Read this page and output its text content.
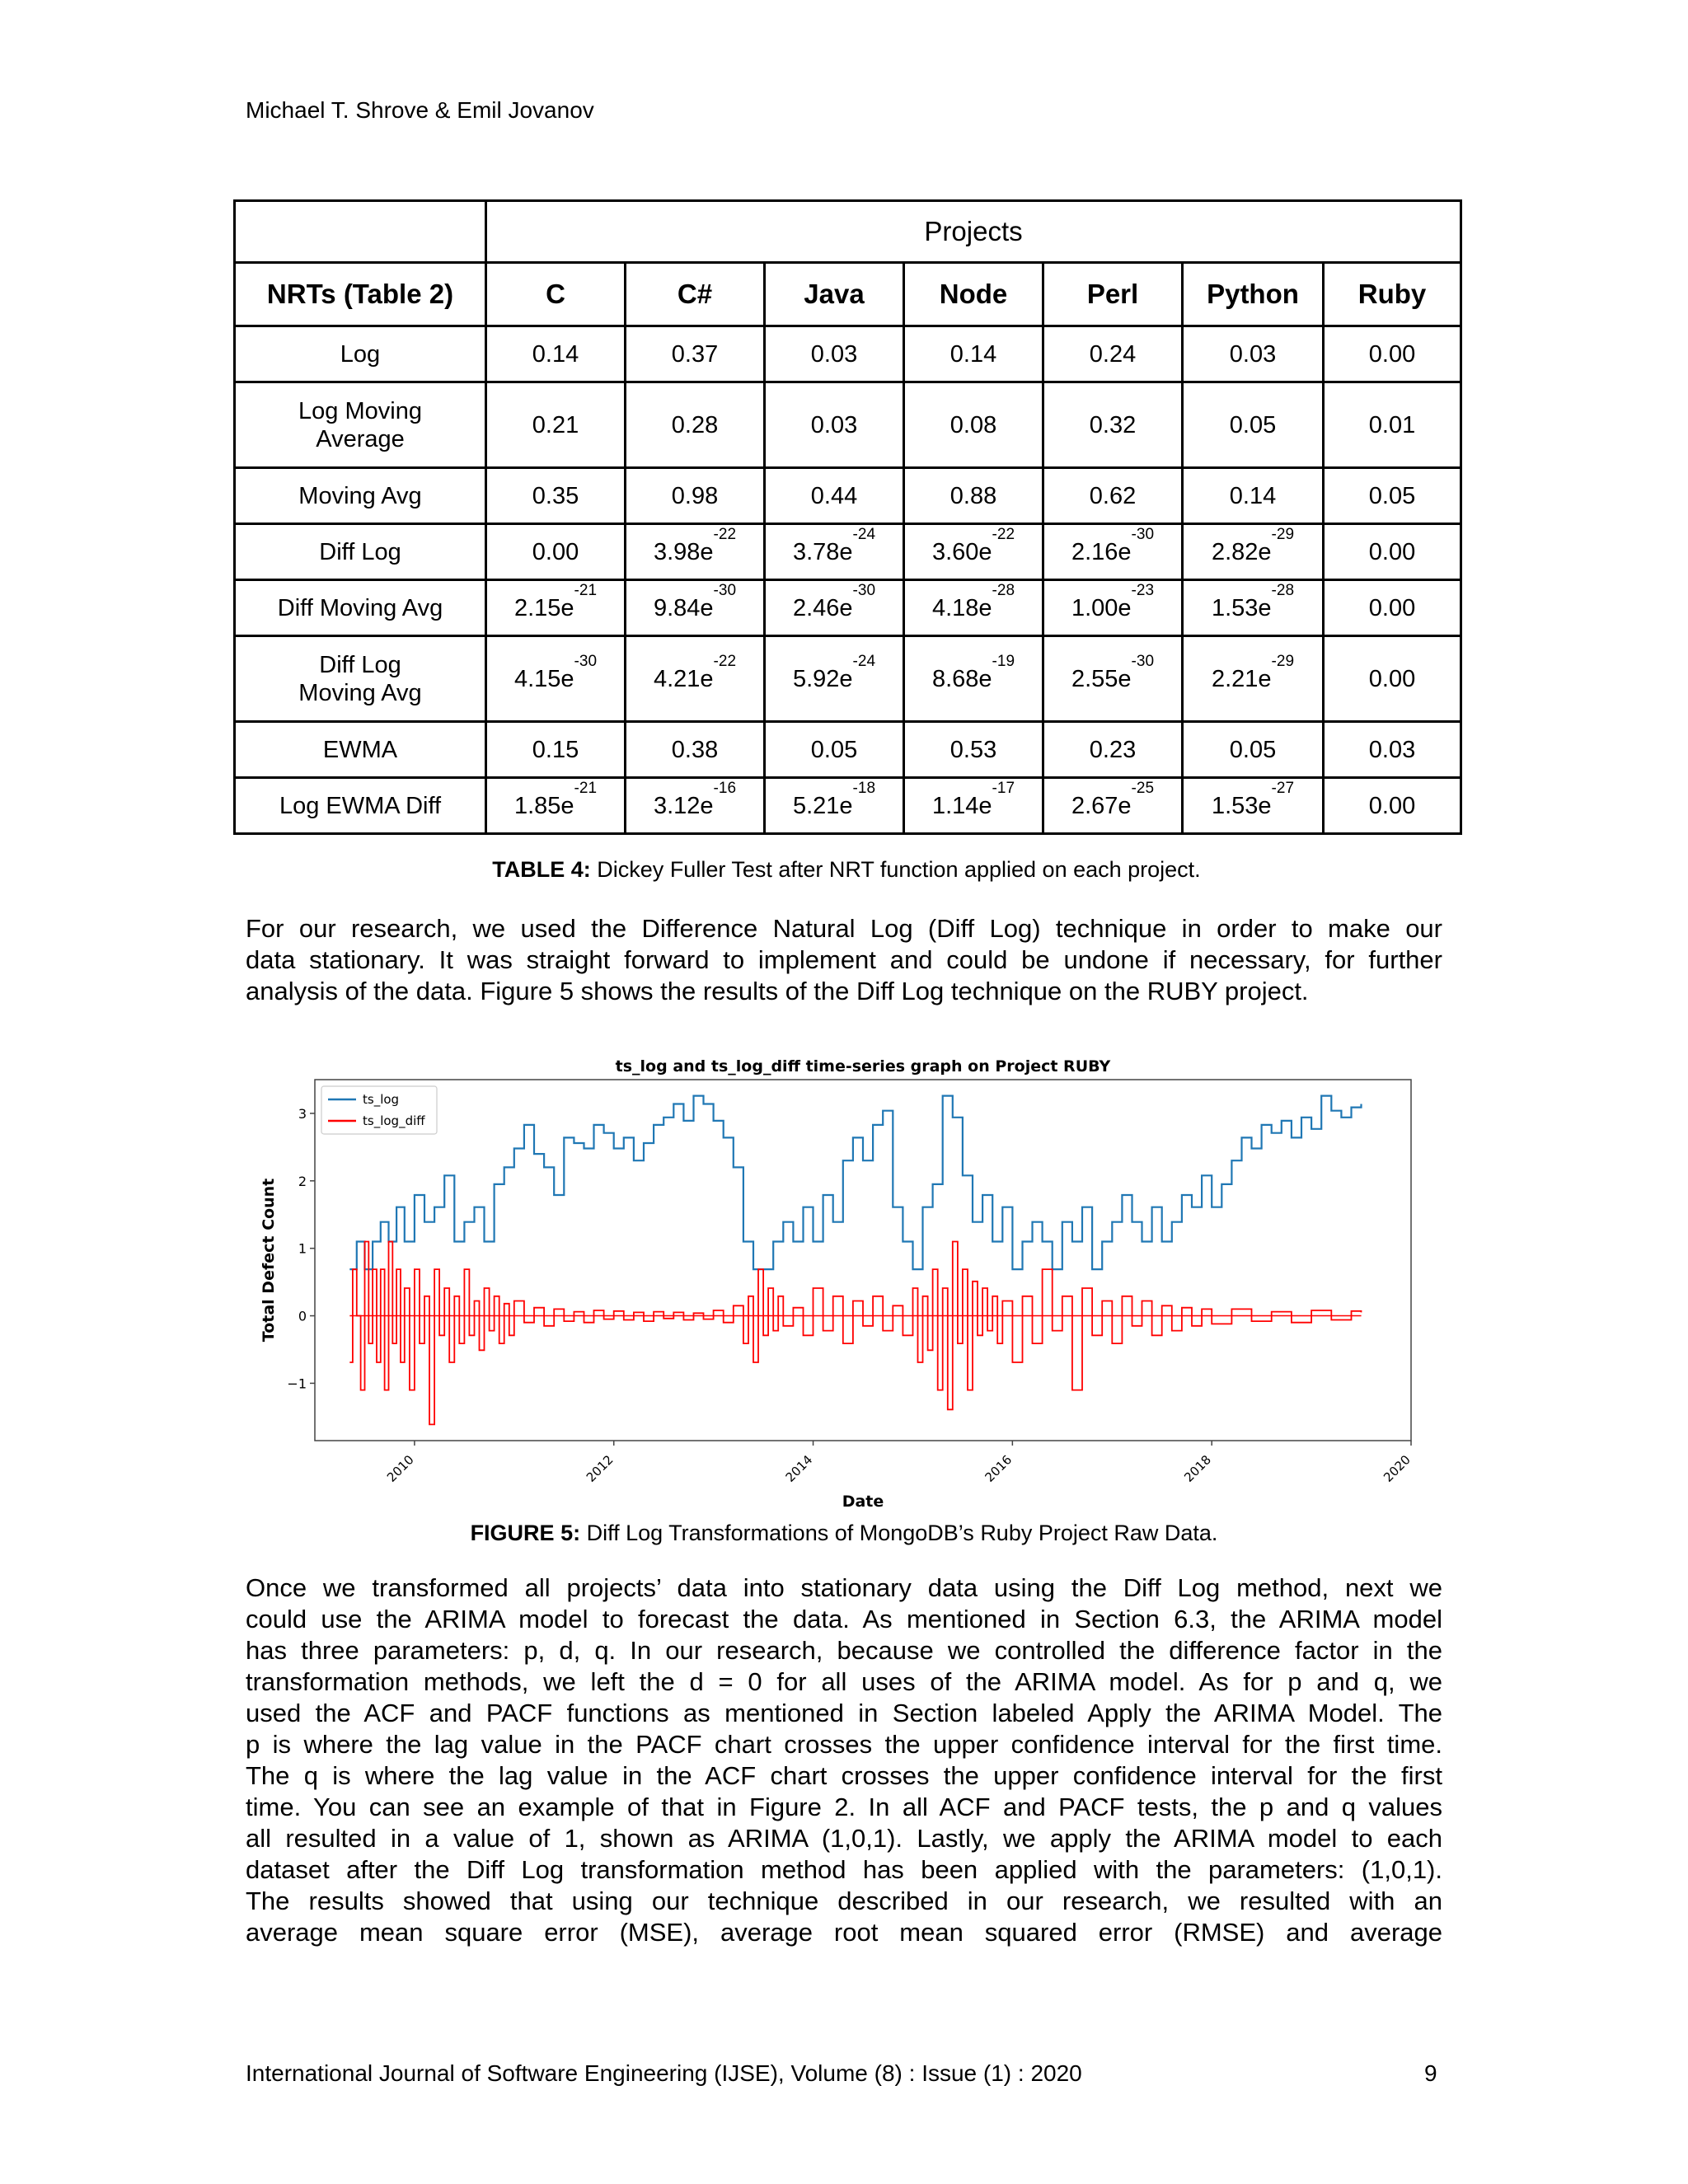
Michael T. Shrove & Emil Jovanov
	Projects						
NRTs (Table 2)	C	C#	Java	Node	Perl	Python	Ruby
Log	0.14	0.37	0.03	0.14	0.24	0.03	0.00
Log Moving
Average	0.21	0.28	0.03	0.08	0.32	0.05	0.01
Moving Avg	0.35	0.98	0.44	0.88	0.62	0.14	0.05
Diff Log	0.00	$3.98e^{-22}$	$3.78e^{-24}$	$3.60e^{-22}$	$2.16e^{-30}$	$2.82e^{-29}$	0.00
Diff Moving Avg	$2.15e^{-21}$	$9.84e^{-30}$	$2.46e^{-30}$	$4.18e^{-28}$	$1.00e^{-23}$	$1.53e^{-28}$	0.00
Diff Log
Moving Avg	$4.15e^{-30}$	$4.21e^{-22}$	$5.92e^{-24}$	$8.68e^{-19}$	$2.55e^{-30}$	$2.21e^{-29}$	0.00
EWMA	0.15	0.38	0.05	0.53	0.23	0.05	0.03
Log EWMA Diff	$1.85e^{-21}$	$3.12e^{-16}$	$5.21e^{-18}$	$1.14e^{-17}$	$2.67e^{-25}$	$1.53e^{-27}$	0.00
TABLE 4: Dickey Fuller Test after NRT function applied on each project.
For our research, we used the Difference Natural Log (Diff Log) technique in order to make our
data stationary. It was straight forward to implement and could be undone if necessary, for further
analysis of the data. Figure 5 shows the results of the Diff Log technique on the RUBY project.
ts_log and ts_log_diff time-series graph on Project RUBY
−1
0
1
2
3
2010	2012	2014	2016	2018	2020
Date
Total Defect Count
ts_log
ts_log_diff
FIGURE 5: Diff Log Transformations of MongoDB’s Ruby Project Raw Data.
Once we transformed all projects’ data into stationary data using the Diff Log method, next we
could use the ARIMA model to forecast the data. As mentioned in Section 6.3, the ARIMA model
has three parameters: p, d, q. In our research, because we controlled the difference factor in the
transformation methods, we left the d = 0 for all uses of the ARIMA model. As for p and q, we
used the ACF and PACF functions as mentioned in Section labeled Apply the ARIMA Model. The
p is where the lag value in the PACF chart crosses the upper confidence interval for the first time.
The q is where the lag value in the ACF chart crosses the upper confidence interval for the first
time. You can see an example of that in Figure 2. In all ACF and PACF tests, the p and q values
all resulted in a value of 1, shown as ARIMA (1,0,1). Lastly, we apply the ARIMA model to each
dataset after the Diff Log transformation method has been applied with the parameters: (1,0,1).
The results showed that using our technique described in our research, we resulted with an
average mean square error (MSE), average root mean squared error (RMSE) and average
International Journal of Software Engineering (IJSE), Volume (8) : Issue (1) : 2020	9
